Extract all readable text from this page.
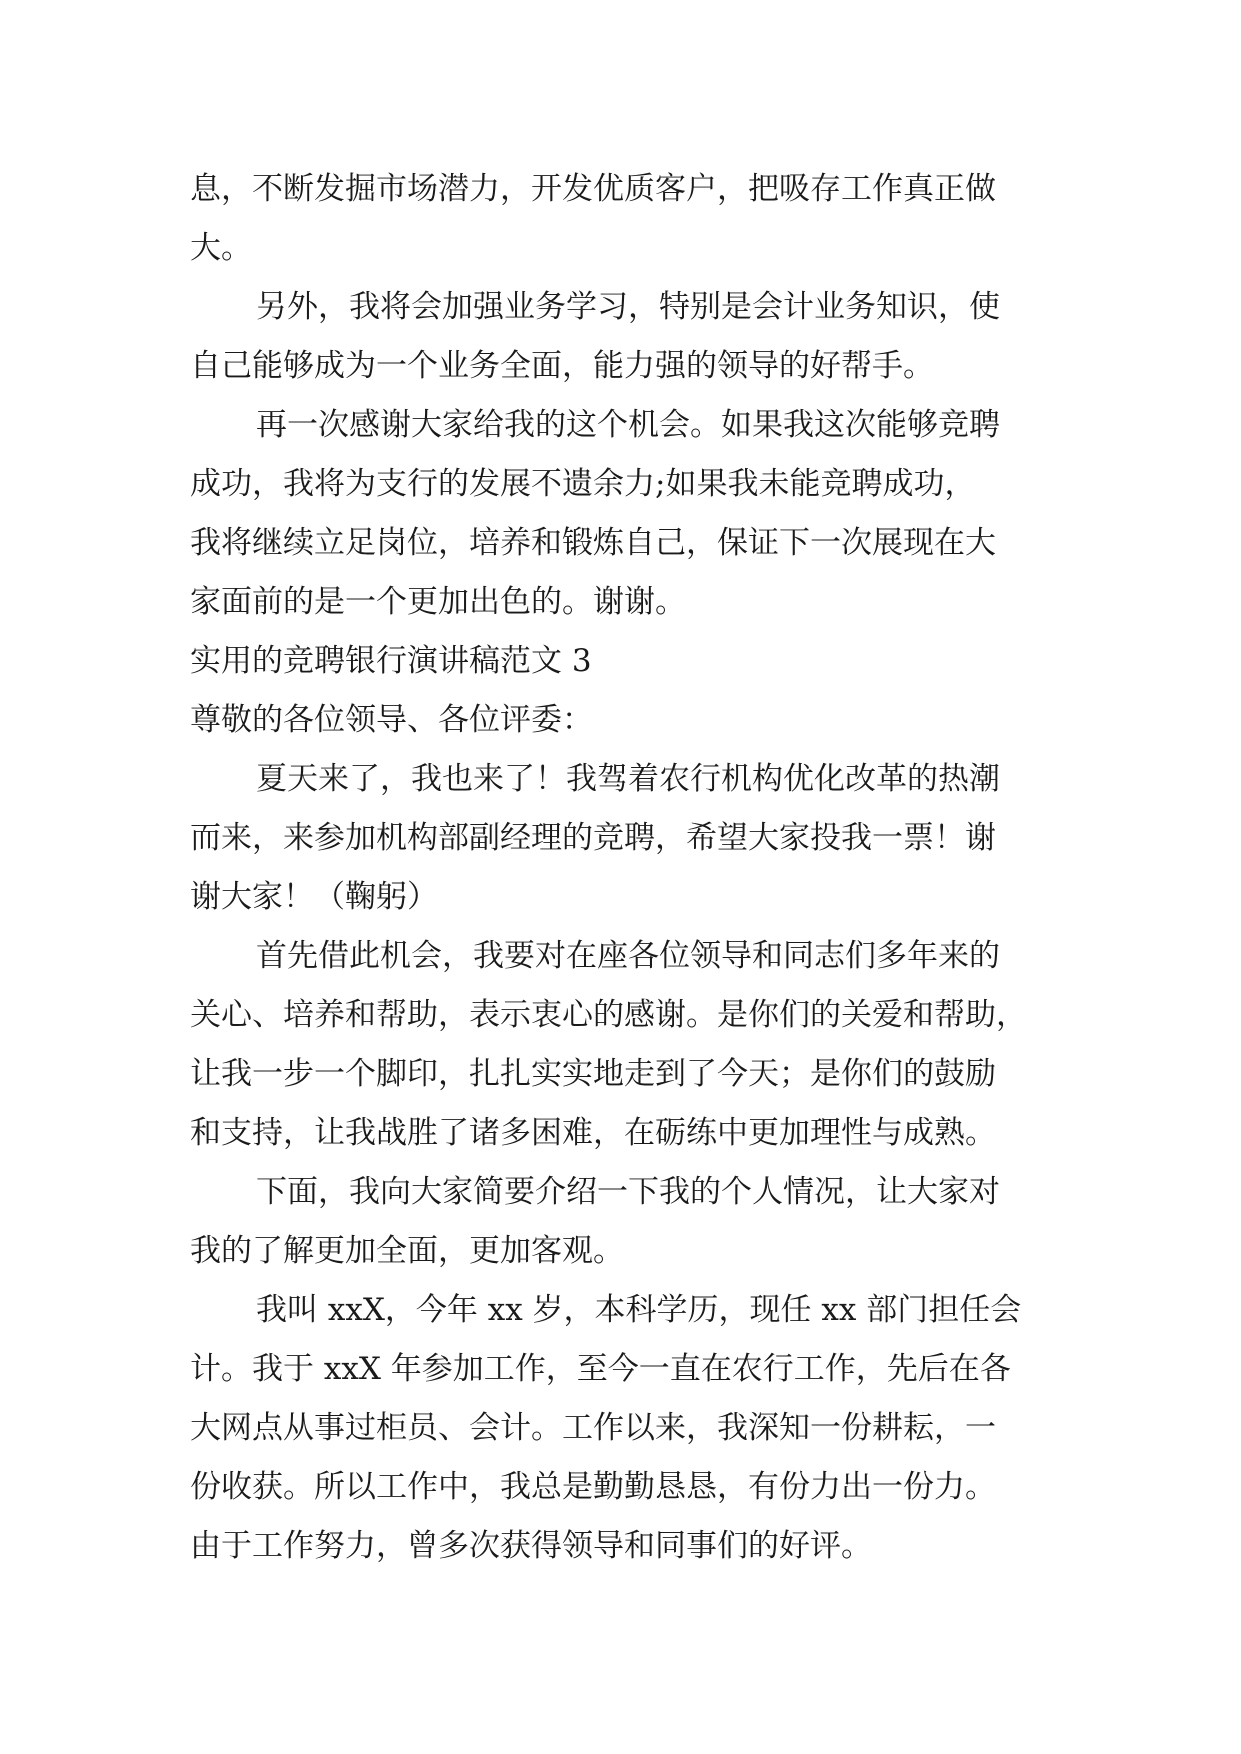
息，不断发掘市场潜力，开发优质客户，把吸存工作真正做
大。
另外，我将会加强业务学习，特别是会计业务知识，使
自己能够成为一个业务全面，能力强的领导的好帮手。
再一次感谢大家给我的这个机会。如果我这次能够竞聘
成功，我将为支行的发展不遗余力;如果我未能竞聘成功，
我将继续立足岗位，培养和锻炼自己，保证下一次展现在大
家面前的是一个更加出色的。谢谢。
实用的竞聘银行演讲稿范文 3
尊敬的各位领导、各位评委：
夏天来了，我也来了！我驾着农行机构优化改革的热潮
而来，来参加机构部副经理的竞聘，希望大家投我一票！谢
谢大家！（鞠躬）
首先借此机会，我要对在座各位领导和同志们多年来的
关心、培养和帮助，表示衷心的感谢。是你们的关爱和帮助，
让我一步一个脚印，扎扎实实地走到了今天；是你们的鼓励
和支持，让我战胜了诸多困难，在砺练中更加理性与成熟。
下面，我向大家简要介绍一下我的个人情况，让大家对
我的了解更加全面，更加客观。
我叫 xxX，今年 xx 岁，本科学历，现任 xx 部门担任会
计。我于 xxX 年参加工作，至今一直在农行工作，先后在各
大网点从事过柜员、会计。工作以来，我深知一份耕耘，一
份收获。所以工作中，我总是勤勤恳恳，有份力出一份力。
由于工作努力，曾多次获得领导和同事们的好评。
